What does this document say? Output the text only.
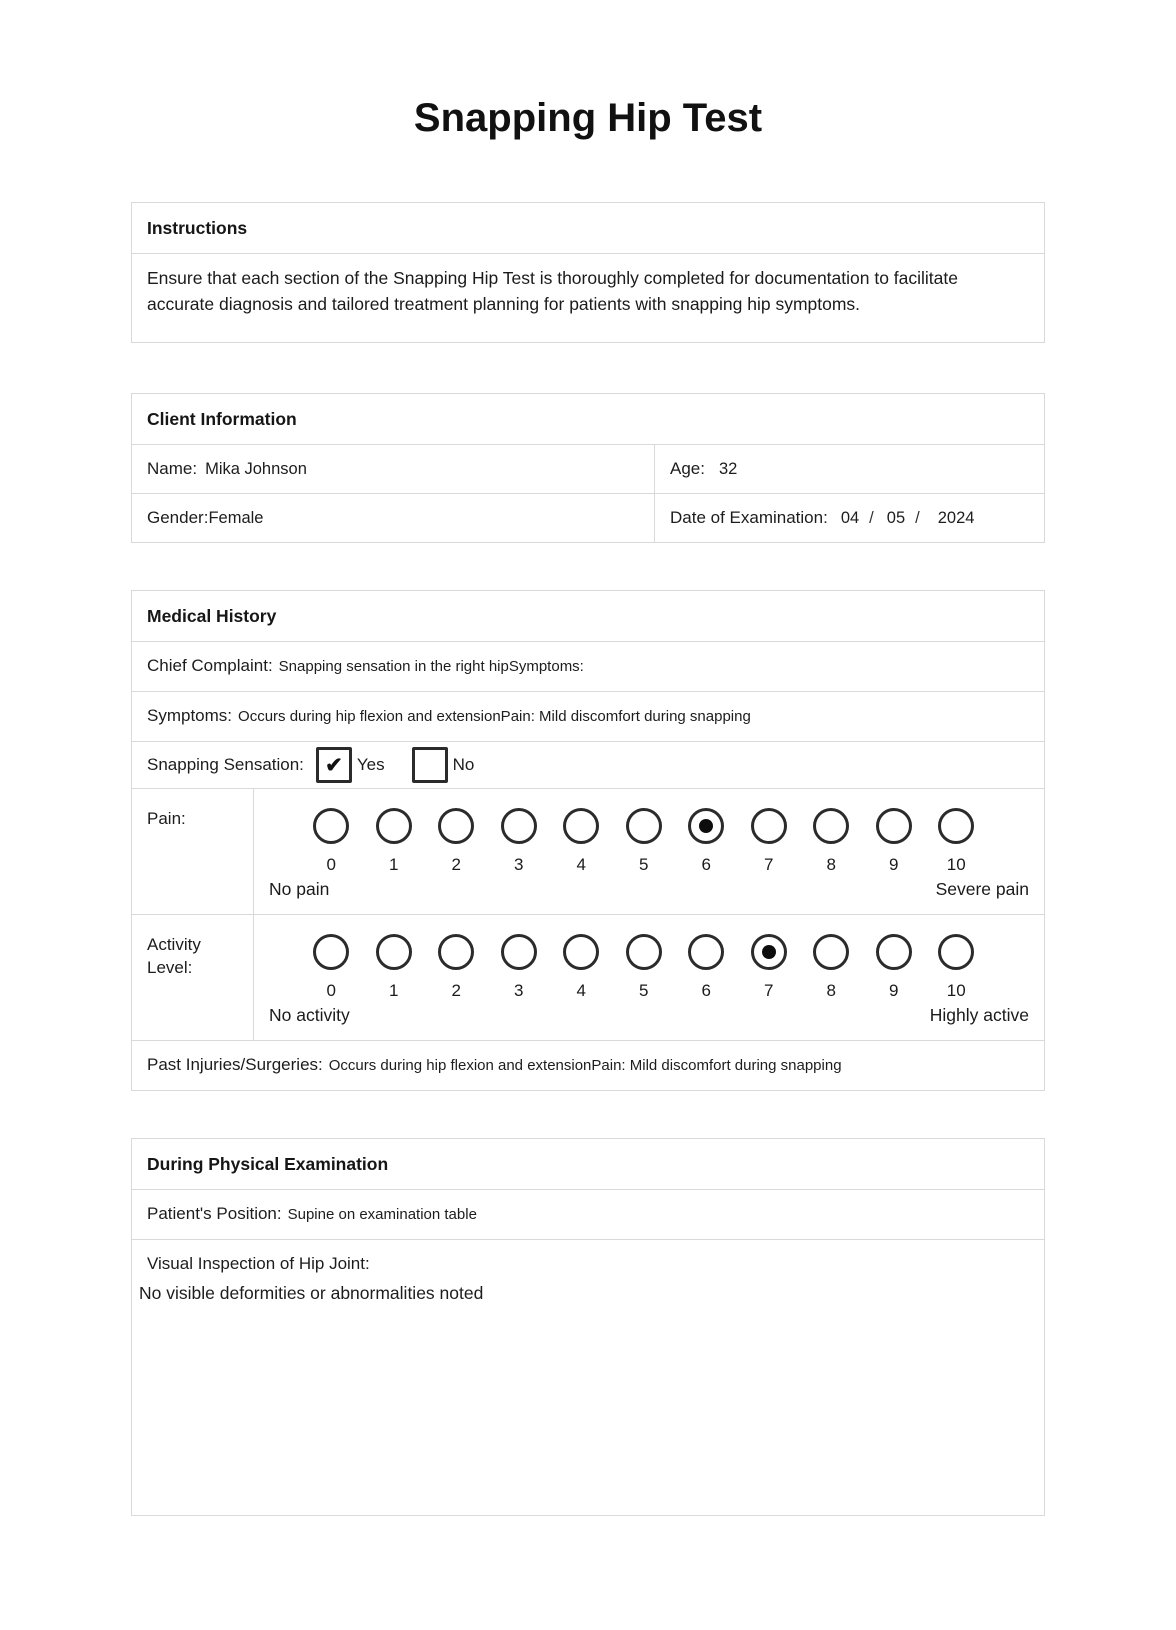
Snapping Hip Test
Instructions
Ensure that each section of the Snapping Hip Test is thoroughly completed for documentation to facilitate accurate diagnosis and tailored treatment planning for patients with snapping hip symptoms.
Client Information
Name: Mika Johnson	Age: 32
Gender:Female	Date of Examination: 04 / 05 / 2024
Medical History
Chief Complaint: Snapping sensation in the right hipSymptoms:
Symptoms: Occurs during hip flexion and extensionPain: Mild discomfort during snapping
Snapping Sensation:	✔ Yes	No
Pain:
0	1	2	3	4	5	6	7	8	9	10
No pain	Severe pain
Activity Level:
0	1	2	3	4	5	6	7	8	9	10
No activity	Highly active
Past Injuries/Surgeries: Occurs during hip flexion and extensionPain: Mild discomfort during snapping
During Physical Examination
Patient's Position: Supine on examination table
Visual Inspection of Hip Joint:
No visible deformities or abnormalities noted
